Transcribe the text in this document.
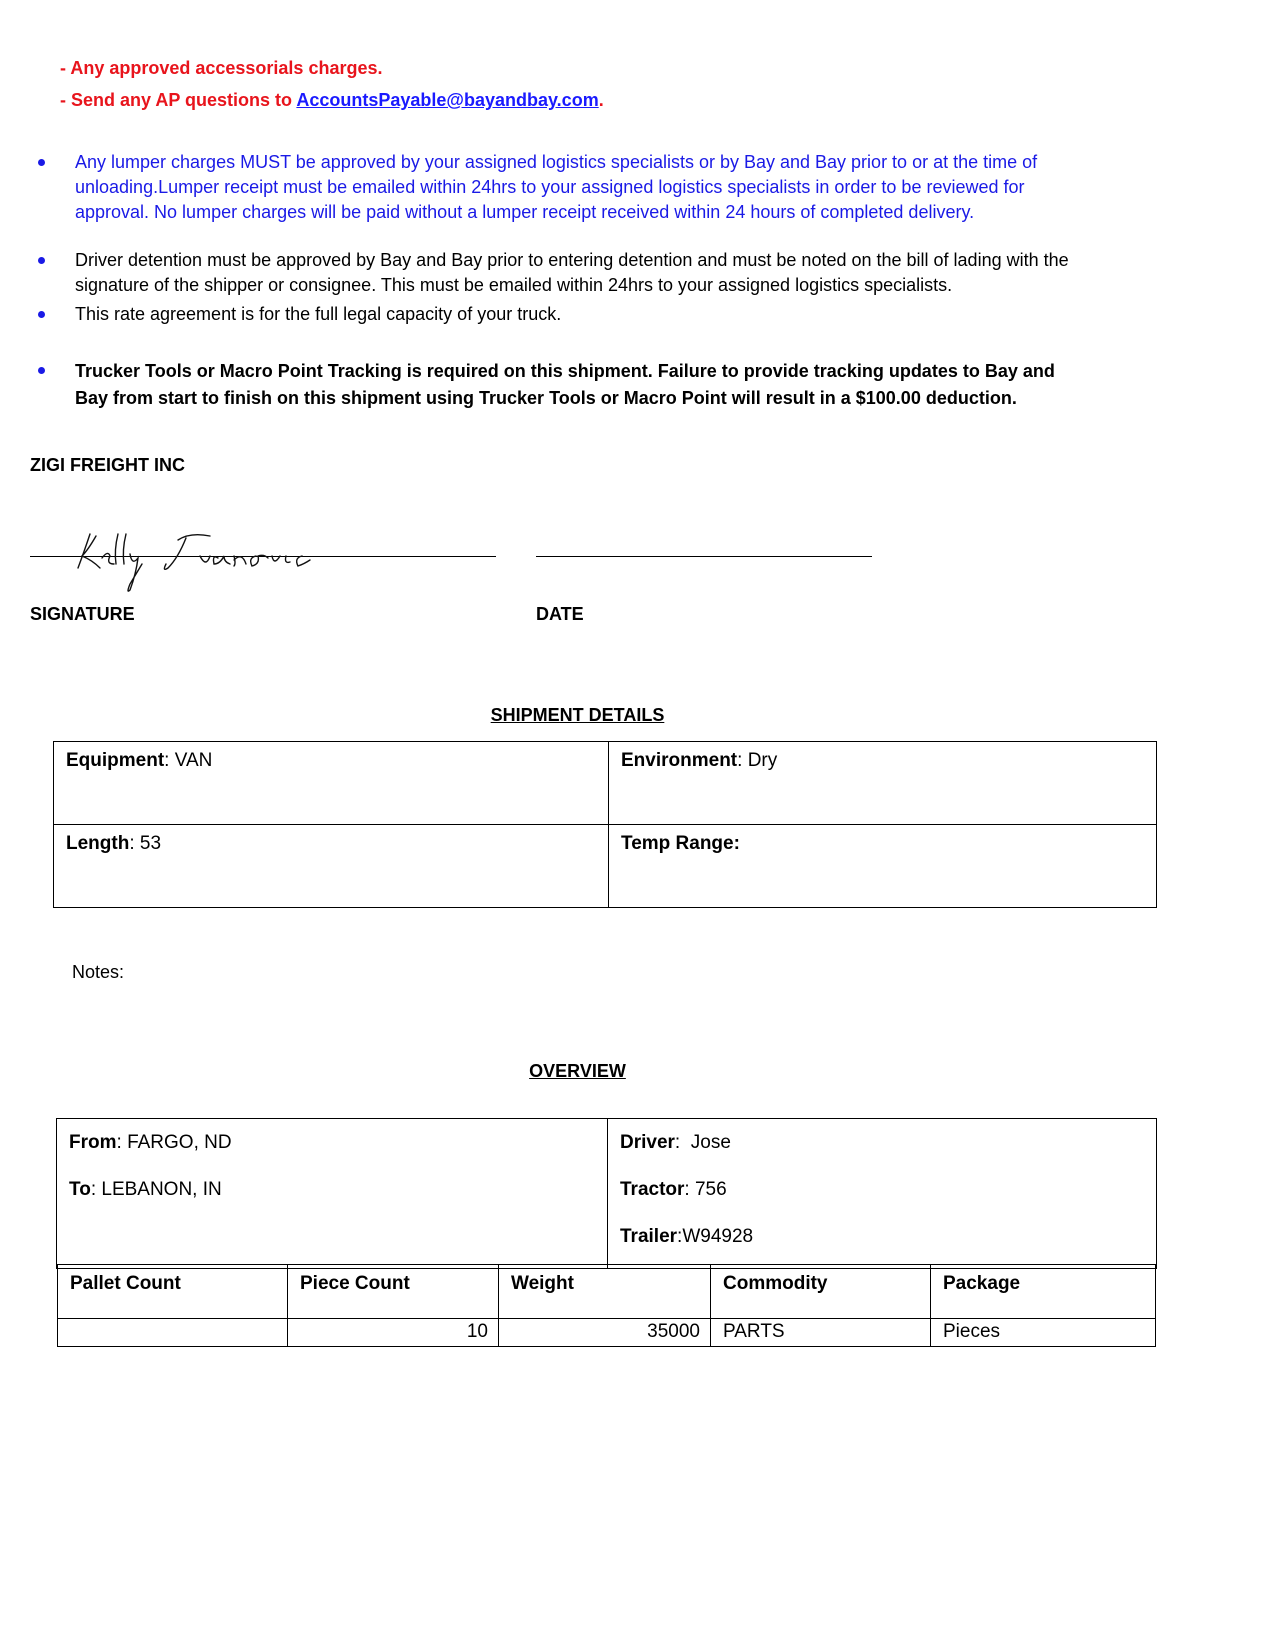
- Any approved accessorials charges.
- Send any AP questions to AccountsPayable@bayandbay.com.
Any lumper charges MUST be approved by your assigned logistics specialists or by Bay and Bay prior to or at the time of unloading.Lumper receipt must be emailed within 24hrs to your assigned logistics specialists in order to be reviewed for approval. No lumper charges will be paid without a lumper receipt received within 24 hours of completed delivery.
Driver detention must be approved by Bay and Bay prior to entering detention and must be noted on the bill of lading with the signature of the shipper or consignee. This must be emailed within 24hrs to your assigned logistics specialists.
This rate agreement is for the full legal capacity of your truck.
Trucker Tools or Macro Point Tracking is required on this shipment. Failure to provide tracking updates to Bay and Bay from start to finish on this shipment using Trucker Tools or Macro Point will result in a $100.00 deduction.
ZIGI FREIGHT INC
SIGNATURE	DATE
SHIPMENT DETAILS
Equipment: VAN	Environment: Dry
Length: 53	Temp Range:
Notes:
OVERVIEW
From: FARGO, ND
To: LEBANON, IN

Driver:  Jose
Tractor: 756
Trailer:W94928
Pallet Count	Piece Count	Weight	Commodity	Package
	10	35000	PARTS	Pieces
